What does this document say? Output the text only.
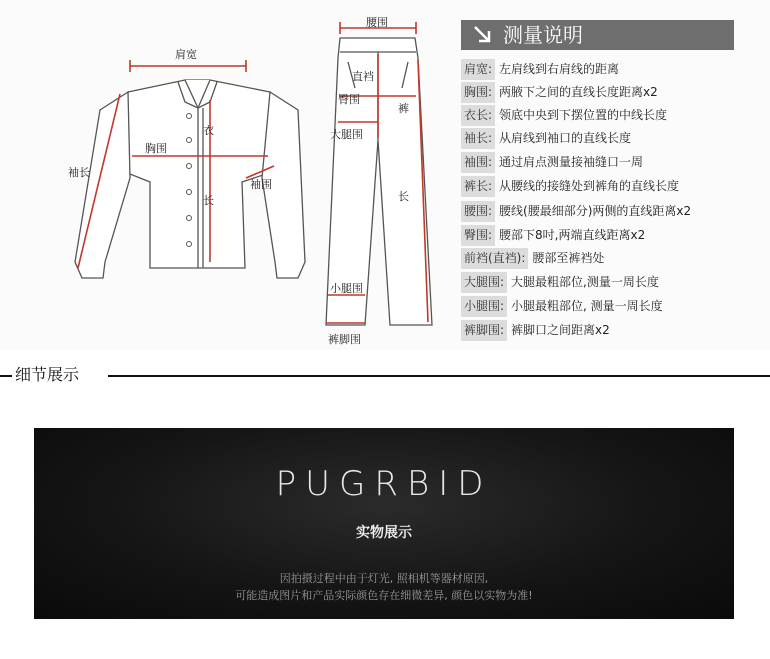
肩宽
胸围
衣
长
袖长
袖围
腰围
直裆
臀围
大腿围
裤
长
小腿围
裤脚围
测量说明
肩宽: 左肩线到右肩线的距离
胸围: 两腋下之间的直线长度距离x2
衣长: 领底中央到下摆位置的中线长度
袖长: 从肩线到袖口的直线长度
袖围: 通过肩点测量接袖缝口一周
裤长: 从腰线的接缝处到裤角的直线长度
腰围: 腰线(腰最细部分)两侧的直线距离x2
臀围: 腰部下8吋,两端直线距离x2
前裆(直裆): 腰部至裤裆处
大腿围: 大腿最粗部位,测量一周长度
小腿围: 小腿最粗部位, 测量一周长度
裤脚围: 裤脚口之间距离x2
细节展示
PUGRBID
实物展示
因拍摄过程中由于灯光, 照相机等器材原因,
可能造成图片和产品实际颜色存在细微差异, 颜色以实物为准!
